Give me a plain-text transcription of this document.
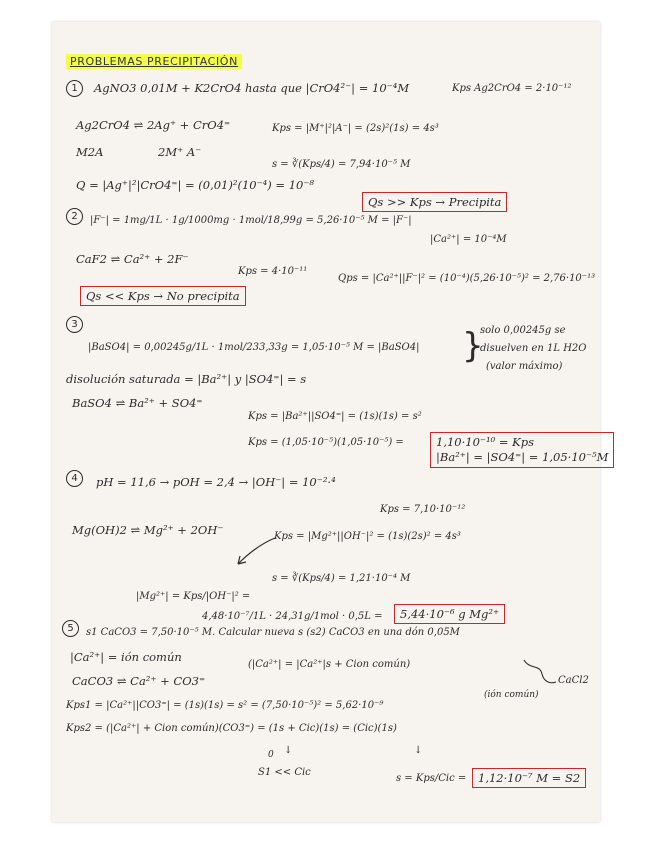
PROBLEMAS PRECIPITACIÓN
1	AgNO3 0,01M + K2CrO4 hasta que |CrO4²⁻| = 10⁻⁴M	Kps Ag2CrO4 = 2·10⁻¹²
Ag2CrO4 ⇌ 2Ag⁺ + CrO4⁼	Kps = |M⁺|²|A⁻| = (2s)²(1s) = 4s³
M2A	2M⁺ A⁻
s = ∛(Kps/4) = 7,94·10⁻⁵ M
Q = |Ag⁺|²|CrO4⁼| = (0,01)²(10⁻⁴) = 10⁻⁸
Qs >> Kps → Precipita
2	|F⁻| = 1mg/1L · 1g/1000mg · 1mol/18,99g = 5,26·10⁻⁵ M = |F⁻|
|Ca²⁺| = 10⁻⁴M
CaF2 ⇌ Ca²⁺ + 2F⁻
Kps = 4·10⁻¹¹
Qps = |Ca²⁺||F⁻|² = (10⁻⁴)(5,26·10⁻⁵)² = 2,76·10⁻¹³
Qs << Kps → No precipita
3
|BaSO4| = 0,00245g/1L · 1mol/233,33g = 1,05·10⁻⁵ M = |BaSO4| }
solo 0,00245g se
disuelven en 1L H2O
(valor máximo)
disolución saturada = |Ba²⁺| y |SO4⁼| = s
BaSO4 ⇌ Ba²⁺ + SO4⁼
Kps = |Ba²⁺||SO4⁼| = (1s)(1s) = s²
Kps = (1,05·10⁻⁵)(1,05·10⁻⁵) =	1,10·10⁻¹⁰ = Kps
|Ba²⁺| = |SO4⁼| = 1,05·10⁻⁵M
4	pH = 11,6 → pOH = 2,4 → |OH⁻| = 10⁻²·⁴
Kps = 7,10·10⁻¹²
Mg(OH)2 ⇌ Mg²⁺ + 2OH⁻	Kps = |Mg²⁺||OH⁻|² = (1s)(2s)² = 4s³
s = ∛(Kps/4) = 1,21·10⁻⁴ M
|Mg²⁺| = Kps/|OH⁻|² =
4,48·10⁻⁷/1L · 24,31g/1mol · 0,5L =	5,44·10⁻⁶ g Mg²⁺
5	s1 CaCO3 = 7,50·10⁻⁵ M. Calcular nueva s (s2) CaCO3 en una dón 0,05M
|Ca²⁺| = ión común
(|Ca²⁺| = |Ca²⁺|s + Cion común)
CaCl2
(ión común)
CaCO3 ⇌ Ca²⁺ + CO3⁼
Kps1 = |Ca²⁺||CO3⁼| = (1s)(1s) = s² = (7,50·10⁻⁵)² = 5,62·10⁻⁹
Kps2 = (|Ca²⁺| + Cion común)(CO3⁼) = (1s + Cic)(1s) = (Cic)(1s)
0 ↓	↓
S1 << Cic
s = Kps/Cic =	1,12·10⁻⁷ M = S2
